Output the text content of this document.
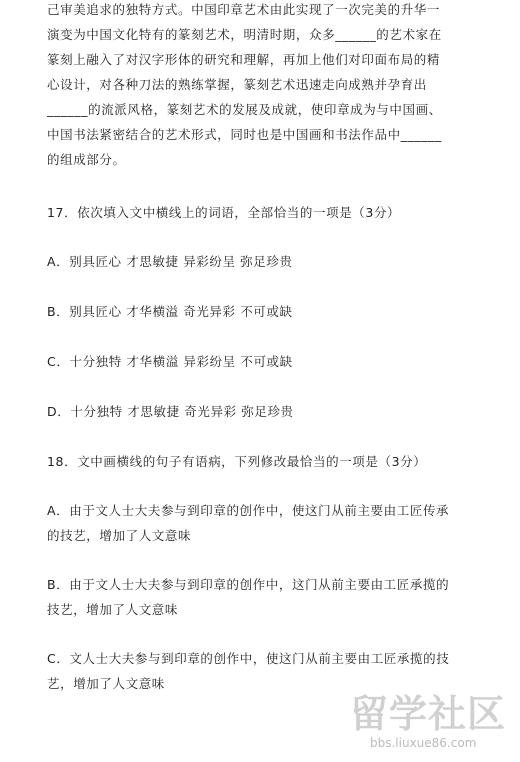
己审美追求的独特方式。中国印章艺术由此实现了一次完美的升华一
演变为中国文化特有的篆刻艺术，明清时期，众多______的艺术家在
篆刻上融入了对汉字形体的研究和理解，再加上他们对印面布局的精
心设计，对各种刀法的熟练掌握，篆刻艺术迅速走向成熟并孕育出
______的流派风格，篆刻艺术的发展及成就，使印章成为与中国画、
中国书法紧密结合的艺术形式，同时也是中国画和书法作品中______
的组成部分。
17．依次填入文中横线上的词语，全部恰当的一项是（3分）
A．别具匠心 才思敏捷 异彩纷呈 弥足珍贵
B．别具匠心 才华横溢 奇光异彩 不可或缺
C．十分独特 才华横溢 异彩纷呈 不可或缺
D．十分独特 才思敏捷 奇光异彩 弥足珍贵
18．文中画横线的句子有语病，下列修改最恰当的一项是（3分）
A．由于文人士大夫参与到印章的创作中，使这门从前主要由工匠传承
的技艺，增加了人文意味
B．由于文人士大夫参与到印章的创作中，这门从前主要由工匠承揽的
技艺，增加了人文意味
C．文人士大夫参与到印章的创作中，使这门从前主要由工匠承揽的技
艺，增加了人文意味
留学社区
bbs.liuxue86.com
